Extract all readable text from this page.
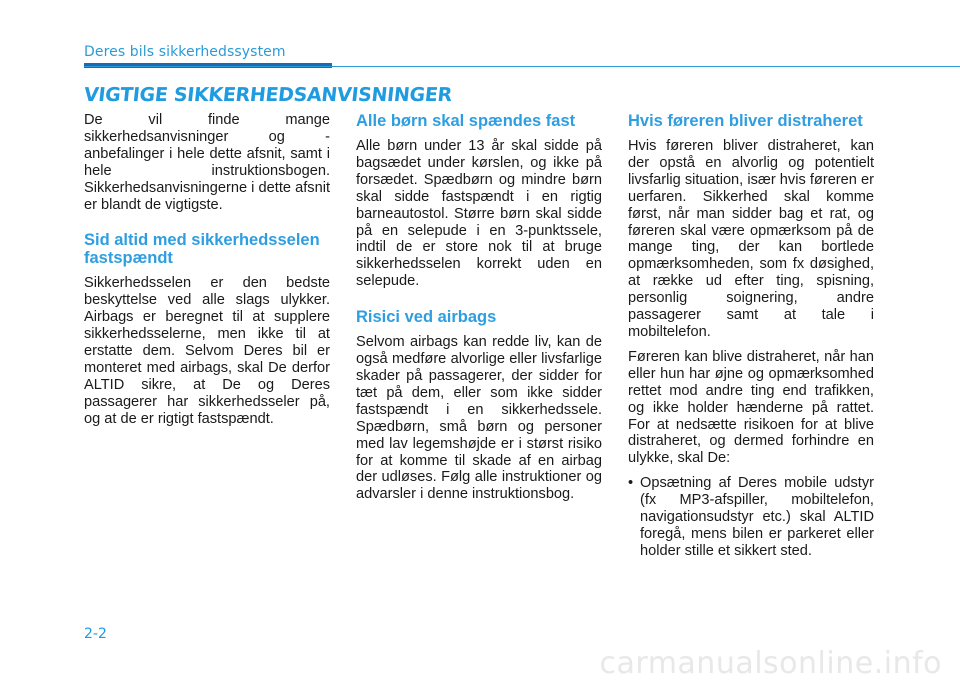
Deres bils sikkerhedssystem
VIGTIGE SIKKERHEDSANVISNINGER

De vil finde mange sikkerhedsanvisninger og -anbefalinger i hele dette afsnit, samt i hele instruktionsbogen. Sikkerhedsanvisningerne i dette afsnit er blandt de vigtigste.

Sid altid med sikkerhedsselen fastspændt

Sikkerhedsselen er den bedste beskyttelse ved alle slags ulykker. Airbags er beregnet til at supplere sikkerhedsselerne, men ikke til at erstatte dem. Selvom Deres bil er monteret med airbags, skal De derfor ALTID sikre, at De og Deres passagerer har sikkerhedsseler på, og at de er rigtigt fastspændt.

Alle børn skal spændes fast

Alle børn under 13 år skal sidde på bagsædet under kørslen, og ikke på forsædet. Spædbørn og mindre børn skal sidde fastspændt i en rigtig barneautostol. Større børn skal sidde på en selepude i en 3-punktssele, indtil de er store nok til at bruge sikkerhedsselen korrekt uden en selepude.

Risici ved airbags

Selvom airbags kan redde liv, kan de også medføre alvorlige eller livsfarlige skader på passagerer, der sidder for tæt på dem, eller som ikke sidder fastspændt i en sikkerhedssele. Spædbørn, små børn og personer med lav legemshøjde er i størst risiko for at komme til skade af en airbag der udløses. Følg alle instruktioner og advarsler i denne instruktionsbog.

Hvis føreren bliver distraheret

Hvis føreren bliver distraheret, kan der opstå en alvorlig og potentielt livsfarlig situation, især hvis føreren er uerfaren. Sikkerhed skal komme først, når man sidder bag et rat, og føreren skal være opmærksom på de mange ting, der kan bortlede opmærksomheden, som fx døsighed, at række ud efter ting, spisning, personlig soignering, andre passagerer samt at tale i mobiltelefon.

Føreren kan blive distraheret, når han eller hun har øjne og opmærksomhed rettet mod andre ting end trafikken, og ikke holder hænderne på rattet. For at nedsætte risikoen for at blive distraheret, og dermed forhindre en ulykke, skal De:

• Opsætning af Deres mobile udstyr (fx MP3-afspiller, mobiltelefon, navigationsudstyr etc.) skal ALTID foregå, mens bilen er parkeret eller holder stille et sikkert sted.
2-2
carmanualsonline.info
